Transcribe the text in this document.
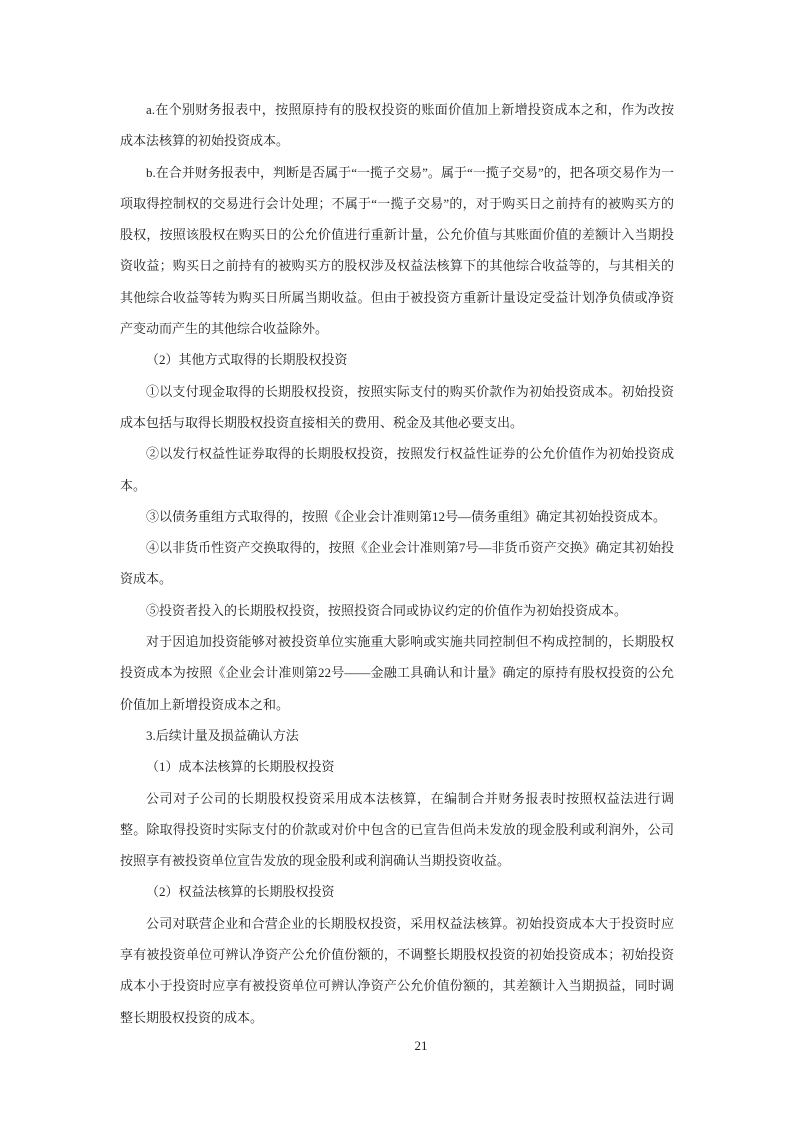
a.在个别财务报表中，按照原持有的股权投资的账面价值加上新增投资成本之和，作为改按成本法核算的初始投资成本。

b.在合并财务报表中，判断是否属于“一揽子交易”。属于“一揽子交易”的，把各项交易作为一项取得控制权的交易进行会计处理；不属于“一揽子交易”的，对于购买日之前持有的被购买方的股权，按照该股权在购买日的公允价值进行重新计量，公允价值与其账面价值的差额计入当期投资收益；购买日之前持有的被购买方的股权涉及权益法核算下的其他综合收益等的，与其相关的其他综合收益等转为购买日所属当期收益。但由于被投资方重新计量设定受益计划净负债或净资产变动而产生的其他综合收益除外。

（2）其他方式取得的长期股权投资

①以支付现金取得的长期股权投资，按照实际支付的购买价款作为初始投资成本。初始投资成本包括与取得长期股权投资直接相关的费用、税金及其他必要支出。

②以发行权益性证券取得的长期股权投资，按照发行权益性证券的公允价值作为初始投资成本。

③以债务重组方式取得的，按照《企业会计准则第12号—债务重组》确定其初始投资成本。

④以非货币性资产交换取得的，按照《企业会计准则第7号—非货币资产交换》确定其初始投资成本。

⑤投资者投入的长期股权投资，按照投资合同或协议约定的价值作为初始投资成本。

对于因追加投资能够对被投资单位实施重大影响或实施共同控制但不构成控制的，长期股权投资成本为按照《企业会计准则第22号——金融工具确认和计量》确定的原持有股权投资的公允价值加上新增投资成本之和。

3.后续计量及损益确认方法

（1）成本法核算的长期股权投资

公司对子公司的长期股权投资采用成本法核算，在编制合并财务报表时按照权益法进行调整。除取得投资时实际支付的价款或对价中包含的已宣告但尚未发放的现金股利或利润外，公司按照享有被投资单位宣告发放的现金股利或利润确认当期投资收益。

（2）权益法核算的长期股权投资

公司对联营企业和合营企业的长期股权投资，采用权益法核算。初始投资成本大于投资时应享有被投资单位可辨认净资产公允价值份额的，不调整长期股权投资的初始投资成本；初始投资成本小于投资时应享有被投资单位可辨认净资产公允价值份额的，其差额计入当期损益，同时调整长期股权投资的成本。

21
